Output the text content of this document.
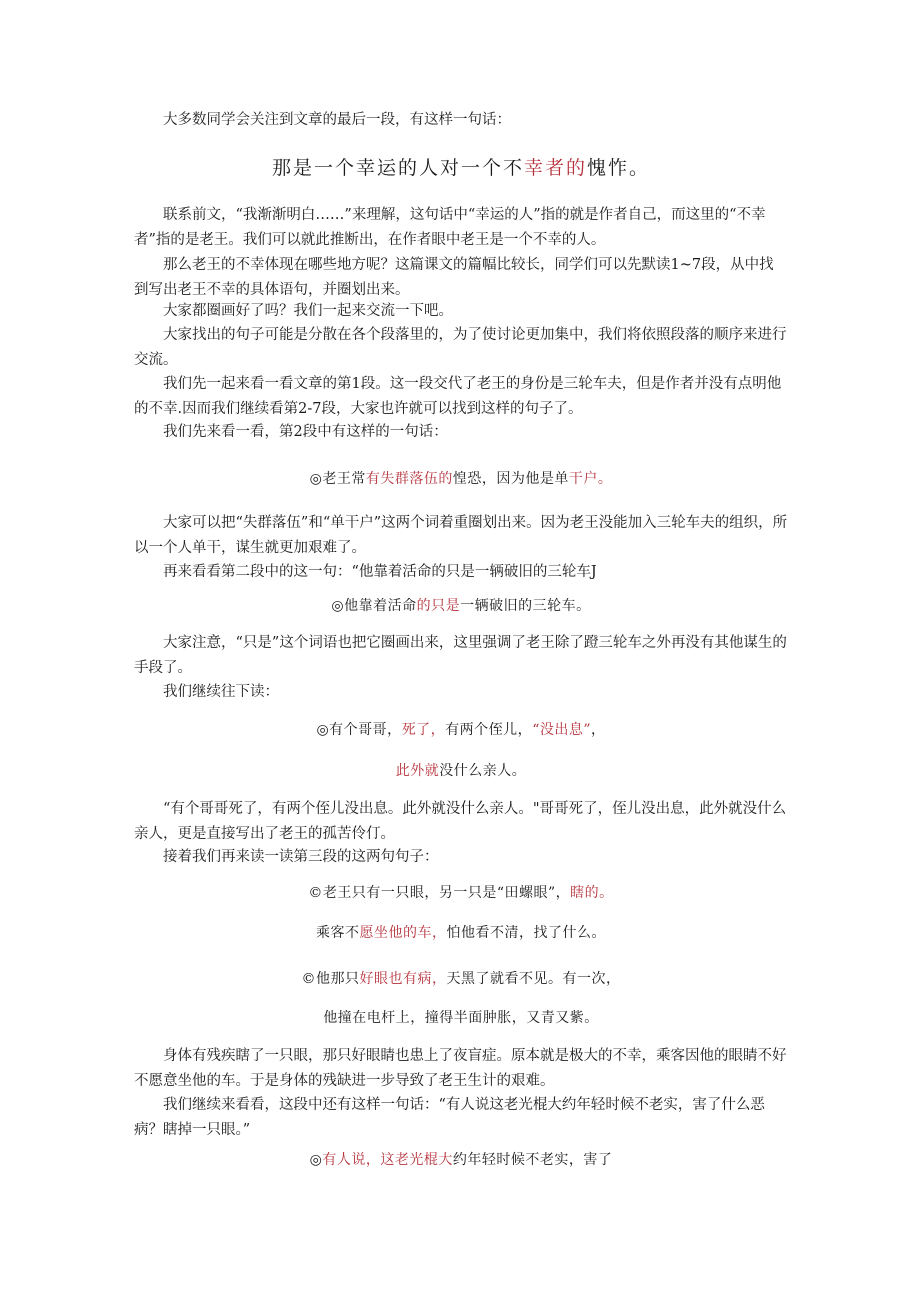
大多数同学会关注到文章的最后一段，有这样一句话：

那是一个幸运的人对一个不幸者的愧怍。

联系前文，“我渐渐明白……”来理解，这句话中“幸运的人”指的就是作者自己，而这里的“不幸者”指的是老王。我们可以就此推断出，在作者眼中老王是一个不幸的人。

那么老王的不幸体现在哪些地方呢？这篇课文的篇幅比较长，同学们可以先默读1~7段，从中找到写出老王不幸的具体语句，并圈划出来。

大家都圈画好了吗？我们一起来交流一下吧。

大家找出的句子可能是分散在各个段落里的，为了使讨论更加集中，我们将依照段落的顺序来进行交流。

我们先一起来看一看文章的第1段。这一段交代了老王的身份是三轮车夫，但是作者并没有点明他的不幸.因而我们继续看第2-7段，大家也许就可以找到这样的句子了。

我们先来看一看，第2段中有这样的一句话：

◎老王常有失群落伍的惶恐，因为他是单干户。

大家可以把“失群落伍”和“单干户”这两个词着重圈划出来。因为老王没能加入三轮车夫的组织，所以一个人单干，谋生就更加艰难了。

再来看看第二段中的这一句：“他靠着活命的只是一辆破旧的三轮车J

◎他靠着活命的只是一辆破旧的三轮车。

大家注意，“只是”这个词语也把它圈画出来，这里强调了老王除了蹬三轮车之外再没有其他谋生的手段了。

我们继续往下读：

◎有个哥哥，死了，有两个侄儿，“没出息”，

此外就没什么亲人。

“有个哥哥死了，有两个侄儿没出息。此外就没什么亲人。"哥哥死了，侄儿没出息，此外就没什么亲人，更是直接写出了老王的孤苦伶仃。

接着我们再来读一读第三段的这两句句子：

©老王只有一只眼，另一只是“田螺眼”，瞎的。

乘客不愿坐他的车，怕他看不清，找了什么。

©他那只好眼也有病，天黑了就看不见。有一次，

他撞在电杆上，撞得半面肿胀，又青又紫。

身体有残疾瞎了一只眼，那只好眼睛也患上了夜盲症。原本就是极大的不幸，乘客因他的眼睛不好不愿意坐他的车。于是身体的残缺进一步导致了老王生计的艰难。

我们继续来看看，这段中还有这样一句话：“有人说这老光棍大约年轻时候不老实，害了什么恶病？瞎掉一只眼。”

◎有人说，这老光棍大约年轻时候不老实，害了
